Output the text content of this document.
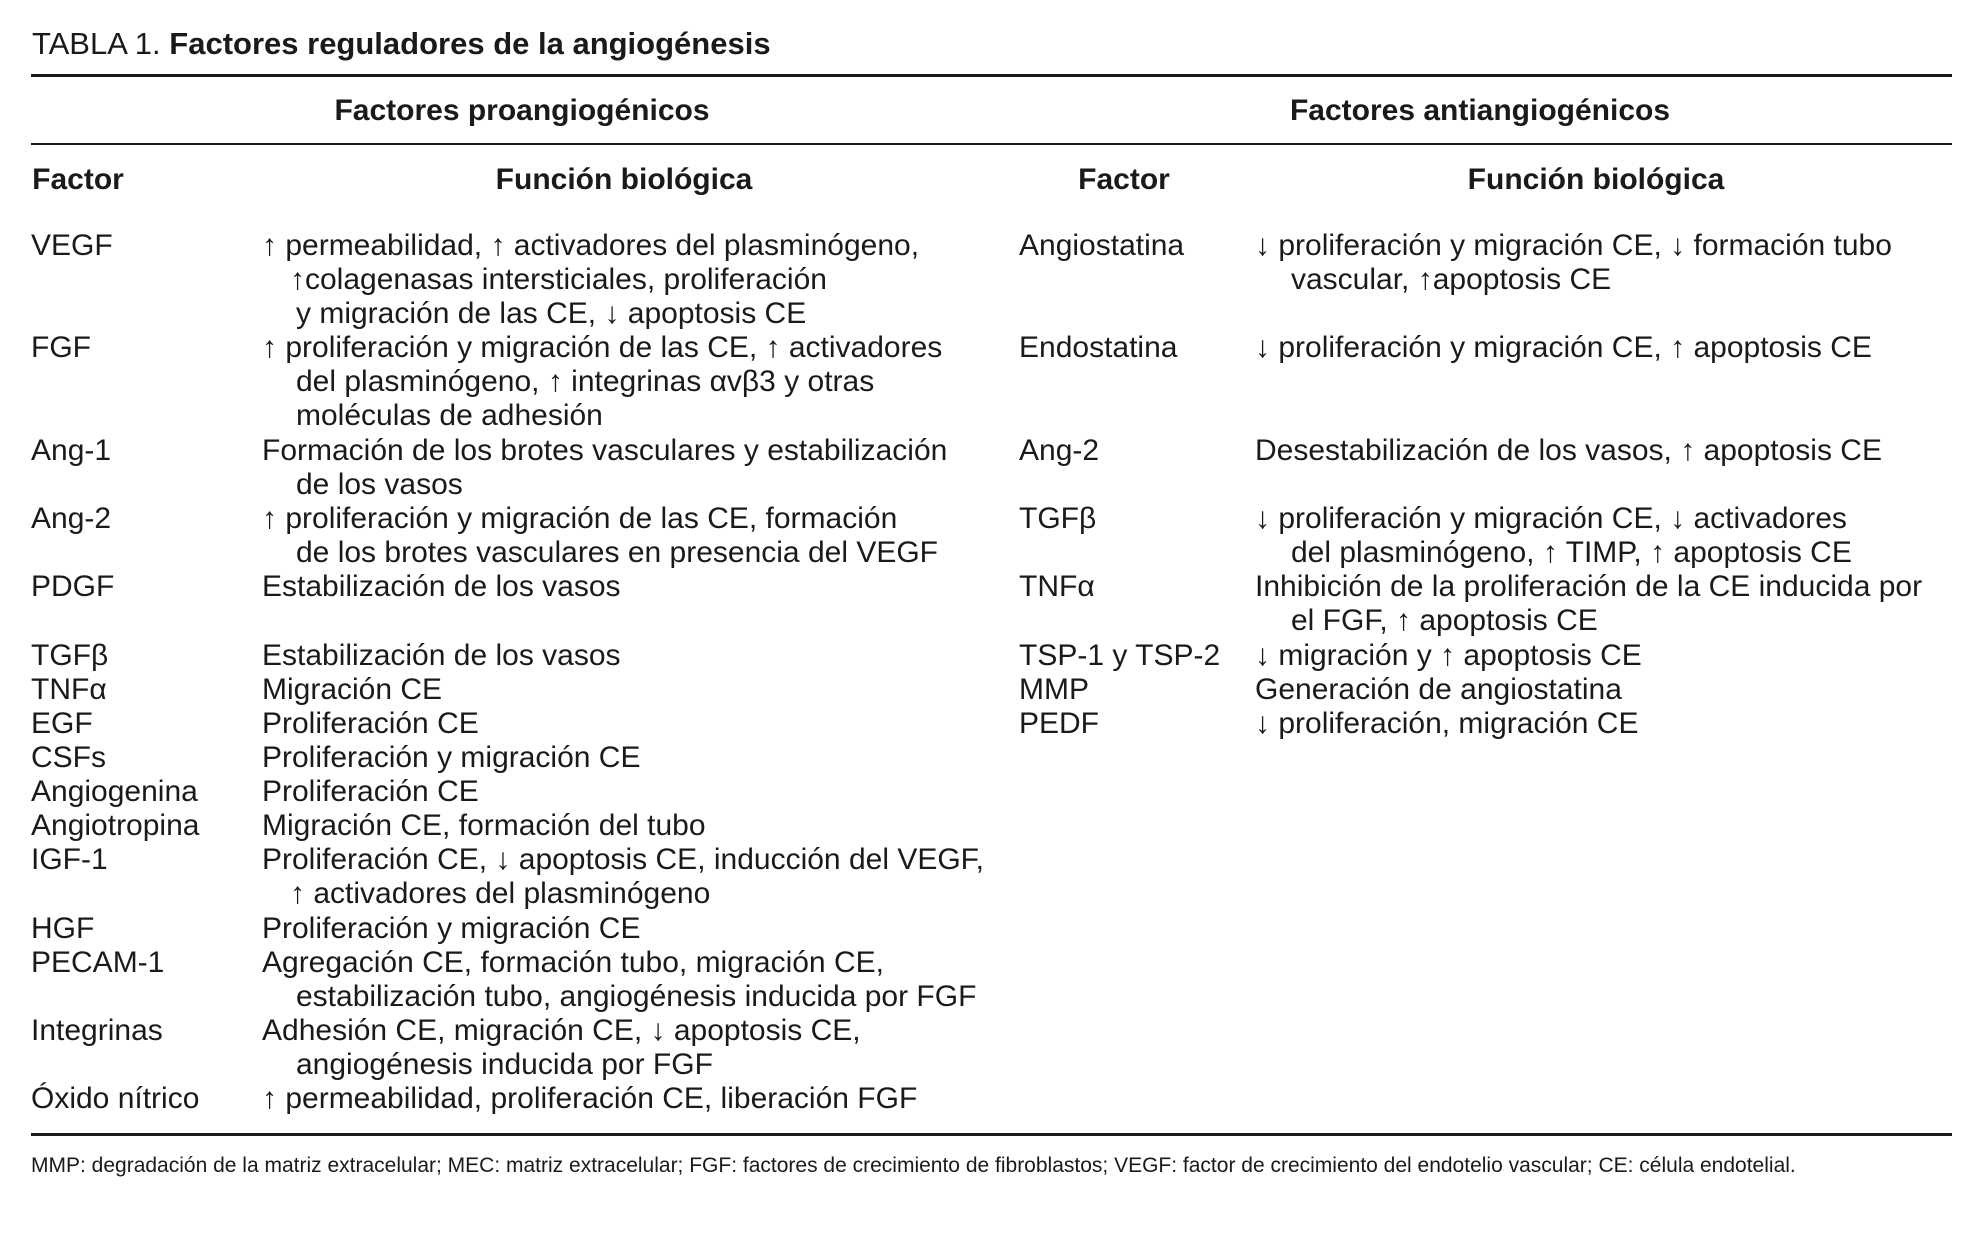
TABLA 1. Factores reguladores de la angiogénesis
Factores proangiogénicos	Factores antiangiogénicos
Factor	Función biológica	Factor	Función biológica
VEGF	↑ permeabilidad, ↑ activadores del plasminógeno,
↑colagenasas intersticiales, proliferación
y migración de las CE, ↓ apoptosis CE
FGF	↑ proliferación y migración de las CE, ↑ activadores
del plasminógeno, ↑ integrinas αvβ3 y otras
moléculas de adhesión
Ang-1	Formación de los brotes vasculares y estabilización
de los vasos
Ang-2	↑ proliferación y migración de las CE, formación
de los brotes vasculares en presencia del VEGF
PDGF	Estabilización de los vasos
TGFβ	Estabilización de los vasos
TNFα	Migración CE
EGF	Proliferación CE
CSFs	Proliferación y migración CE
Angiogenina Proliferación CE
Angiotropina Migración CE, formación del tubo
IGF-1	Proliferación CE, ↓ apoptosis CE, inducción del VEGF,
↑ activadores del plasminógeno
HGF	Proliferación y migración CE
PECAM-1	Agregación CE, formación tubo, migración CE,
estabilización tubo, angiogénesis inducida por FGF
Integrinas	Adhesión CE, migración CE, ↓ apoptosis CE,
angiogénesis inducida por FGF
Óxido nítrico ↑ permeabilidad, proliferación CE, liberación FGF
Angiostatina ↓ proliferación y migración CE, ↓ formación tubo
vascular, ↑apoptosis CE
Endostatina	↓ proliferación y migración CE, ↑ apoptosis CE
Ang-2	Desestabilización de los vasos, ↑ apoptosis CE
TGFβ	↓ proliferación y migración CE, ↓ activadores
del plasminógeno, ↑ TIMP, ↑ apoptosis CE
TNFα	Inhibición de la proliferación de la CE inducida por
el FGF, ↑ apoptosis CE
TSP-1 y TSP-2 ↓ migración y ↑ apoptosis CE
MMP	Generación de angiostatina
PEDF	↓ proliferación, migración CE
MMP: degradación de la matriz extracelular; MEC: matriz extracelular; FGF: factores de crecimiento de fibroblastos; VEGF: factor de crecimiento del endotelio vascular; CE: célula endotelial.
